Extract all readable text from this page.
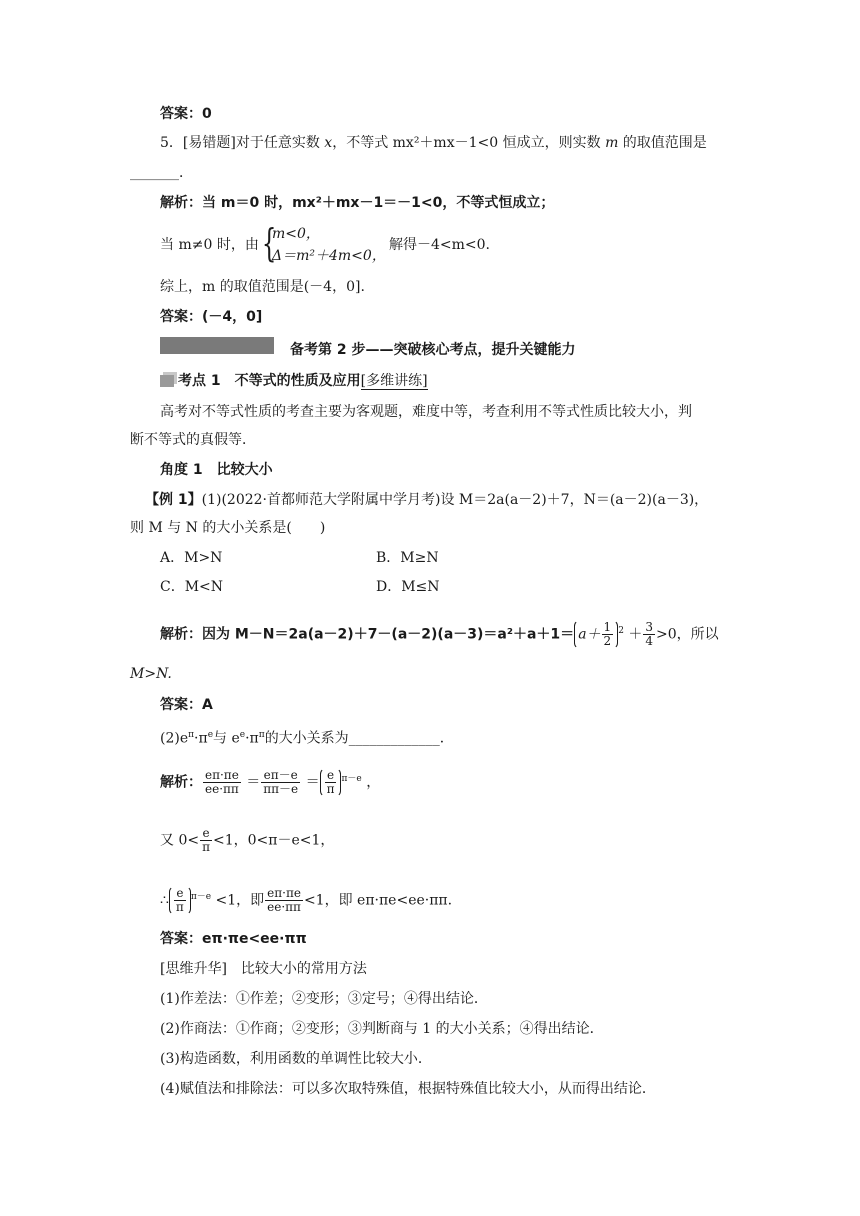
答案：0
5．[易错题]对于任意实数 x，不等式 mx²＋mx－1<0 恒成立，则实数 m 的取值范围是
_______．
解析：当 m＝0 时，mx²＋mx－1＝－1<0，不等式恒成立；
当 m≠0 时，由 {
m<0，
Δ＝m²＋4m<0，
解得－4<m<0.
综上，m 的取值范围是(－4，0].
答案：(－4，0]
备考第 2 步——突破核心考点，提升关键能力
考点 1　不等式的性质及应用[多维讲练]
高考对不等式性质的考查主要为客观题，难度中等，考查利用不等式性质比较大小，判
断不等式的真假等．
角度 1　比较大小
【例 1】(1)(2022·首都师范大学附属中学月考)设 M＝2a(a－2)＋7，N＝(a－2)(a－3)，
则 M 与 N 的大小关系是(　　)
A．M>N	B．M≥N
C．M<N	D．M≤N
解析：因为 $M-N=2a(a-2)+7-(a-2)(a-3)=a^2+a+1= a+ \frac{1}{2} ^2 + \frac{3}{4} >0$，所以
M>N.
答案：A
$(2)e^\pi\cdot\pi^e$与 $e^e\cdot\pi^\pi$的大小关系为_____________．
解析： $\frac{e\pi\cdot\pi e}{ee\cdot\pi\pi} = \frac{e\pi-e}{\pi\pi-e} = \frac{e}{\pi} ^{\pi-e}$ ，
又 $0< \frac{e}{\pi} <1$，0<π－e<1，
∴ $\frac{e}{\pi} ^{\pi-e} <1$，即 $\frac{e\pi\cdot\pi e}{ee\cdot\pi\pi} <1$，即 eπ·πe<ee·ππ.
答案：eπ·πe<ee·ππ
[思维升华]　比较大小的常用方法
(1)作差法：①作差；②变形；③定号；④得出结论．
(2)作商法：①作商；②变形；③判断商与 1 的大小关系；④得出结论．
(3)构造函数，利用函数的单调性比较大小．
(4)赋值法和排除法：可以多次取特殊值，根据特殊值比较大小，从而得出结论．
